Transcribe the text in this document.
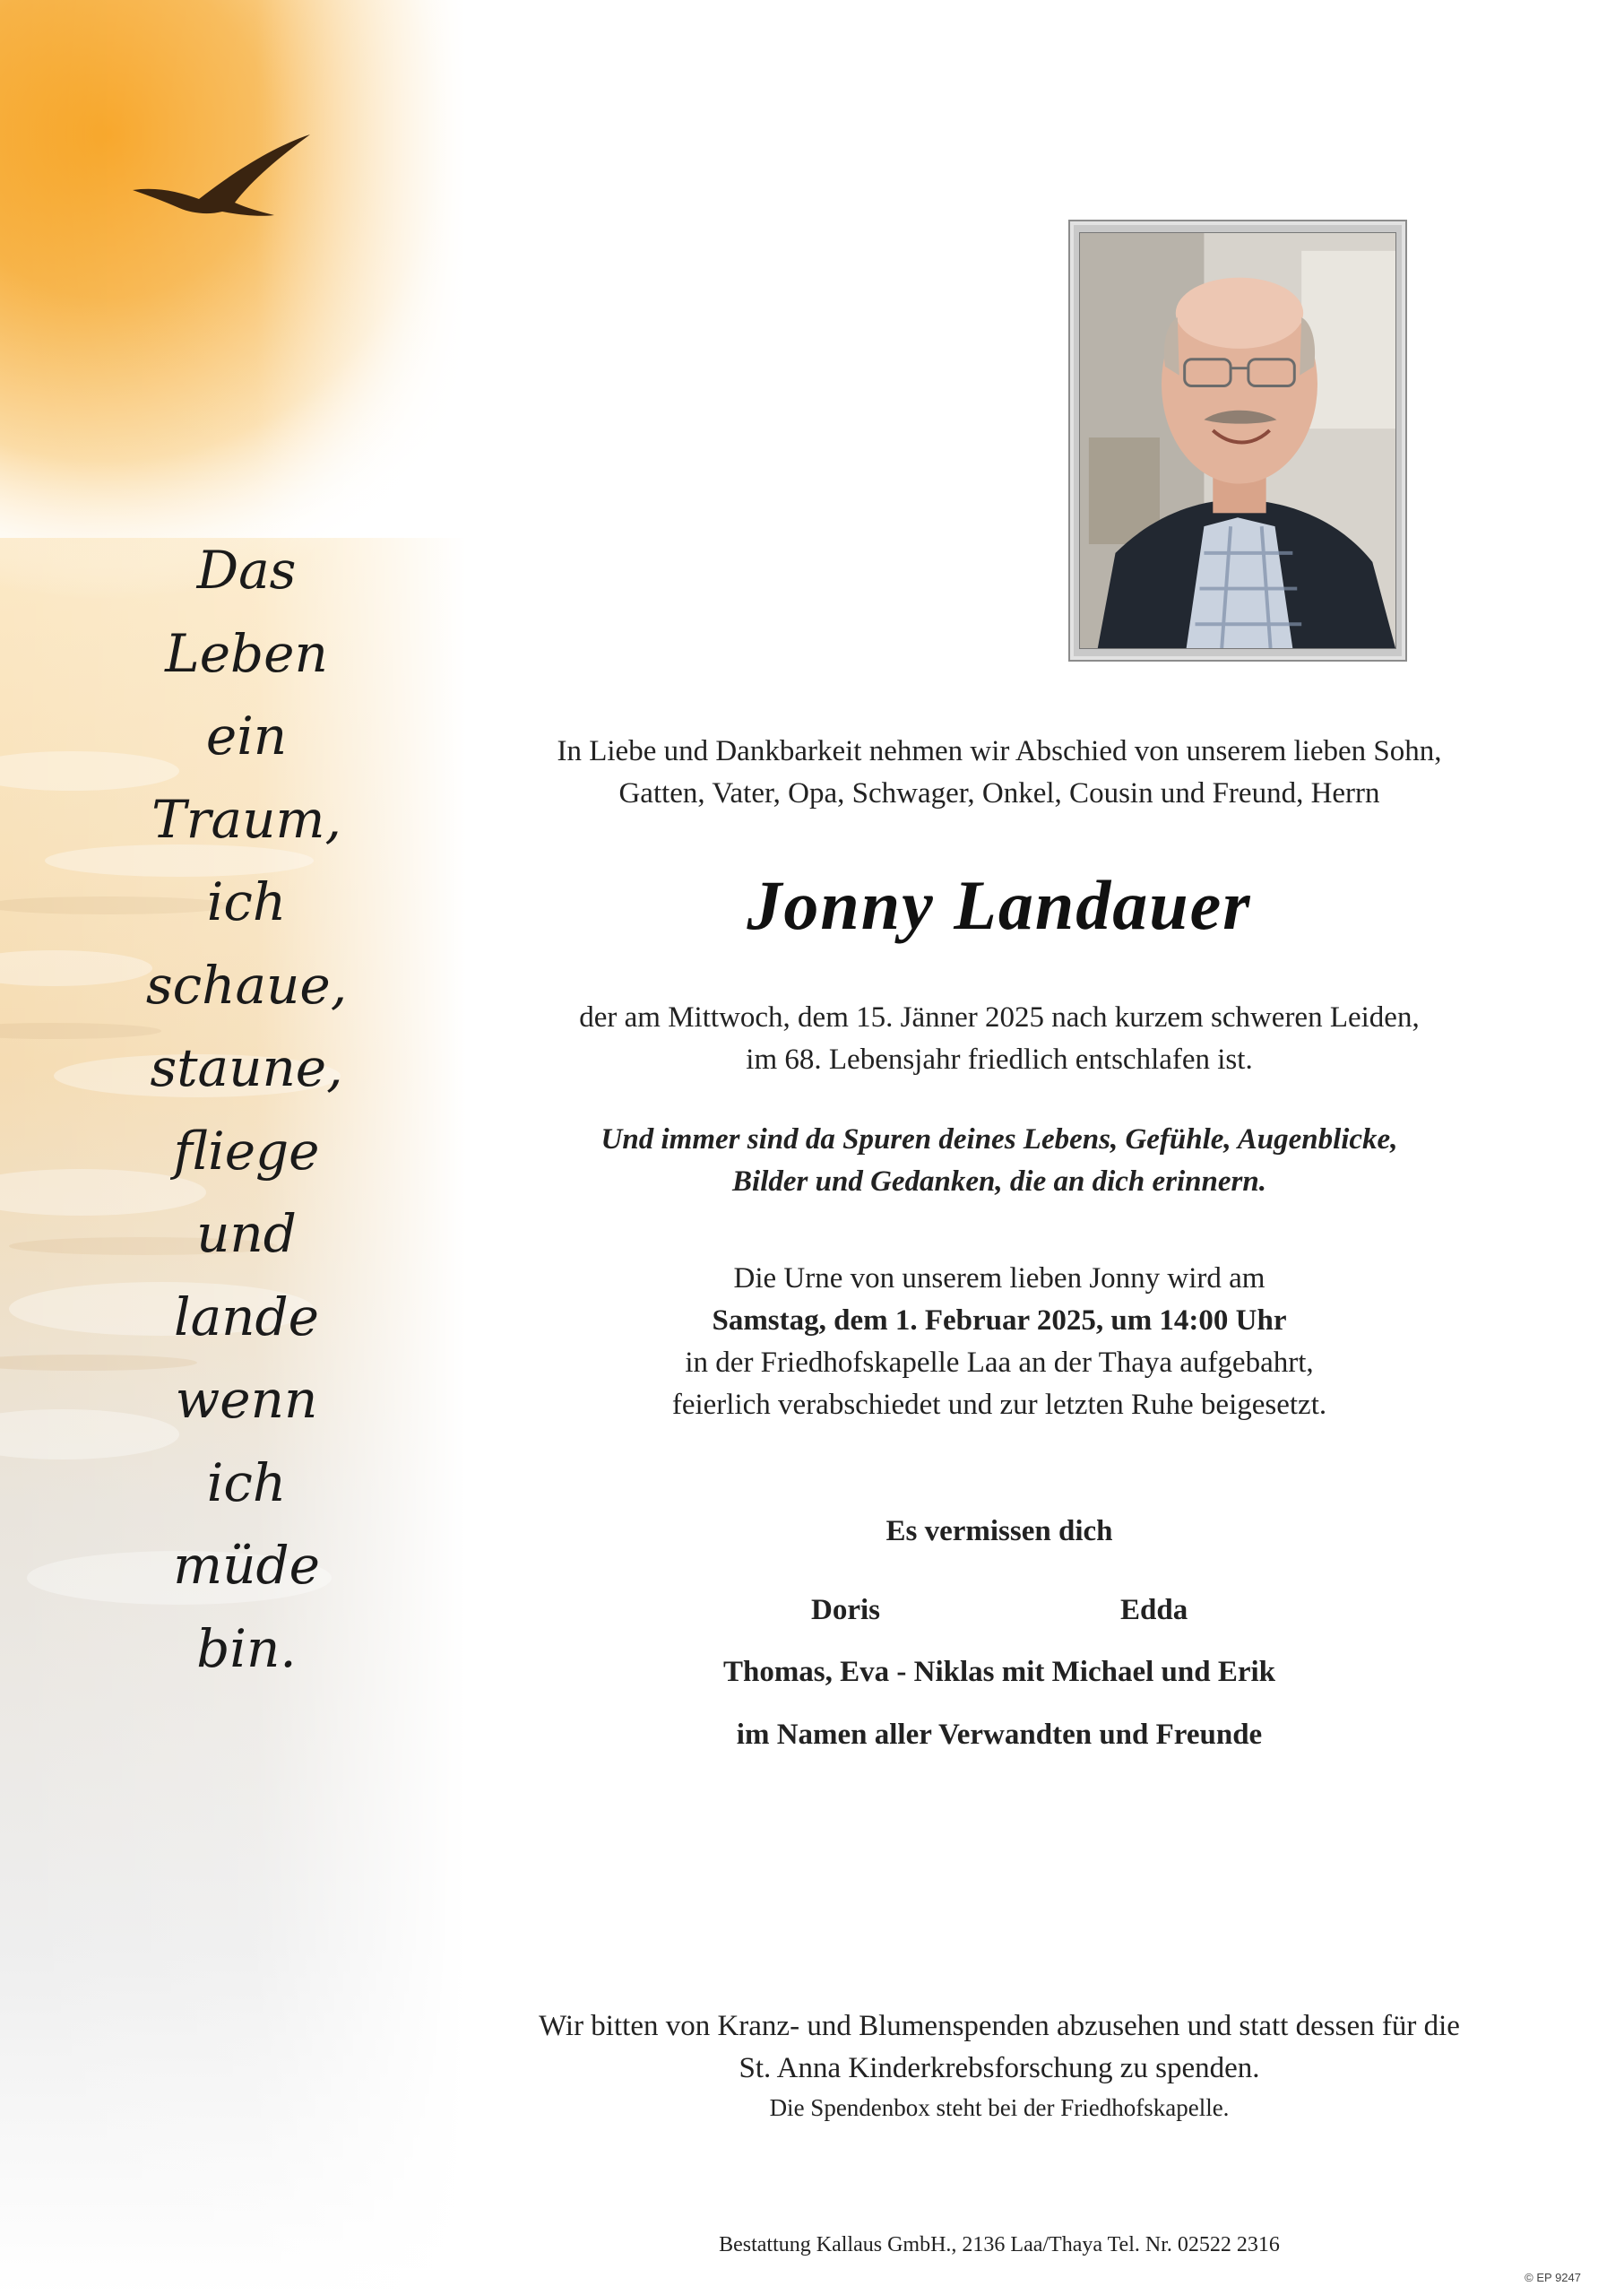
Das
Leben
ein
Traum,
ich
schaue,
staune,
fliege
und
lande
wenn
ich
müde
bin.
In Liebe und Dankbarkeit nehmen wir Abschied von unserem lieben Sohn,
Gatten, Vater, Opa, Schwager, Onkel, Cousin und Freund, Herrn
Jonny Landauer
der am Mittwoch, dem 15. Jänner 2025 nach kurzem schweren Leiden,
im 68. Lebensjahr friedlich entschlafen ist.
Und immer sind da Spuren deines Lebens, Gefühle, Augenblicke,
Bilder und Gedanken, die an dich erinnern.
Die Urne von unserem lieben Jonny wird am
Samstag, dem 1. Februar 2025, um 14:00 Uhr
in der Friedhofskapelle Laa an der Thaya aufgebahrt,
feierlich verabschiedet und zur letzten Ruhe beigesetzt.
Es vermissen dich
Doris	Edda
Thomas, Eva - Niklas mit Michael und Erik
im Namen aller Verwandten und Freunde
Wir bitten von Kranz- und Blumenspenden abzusehen und statt dessen für die
St. Anna Kinderkrebsforschung zu spenden.
Die Spendenbox steht bei der Friedhofskapelle.
Bestattung Kallaus GmbH., 2136 Laa/Thaya Tel. Nr. 02522 2316
© EP 9247
